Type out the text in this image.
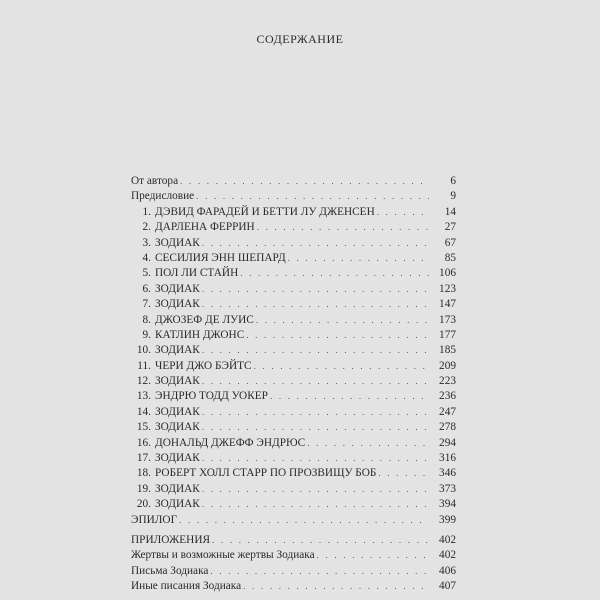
СОДЕРЖАНИЕ
От автора . . .	6
Предисловие . . .	9
1. ДЭВИД ФАРАДЕЙ И БЕТТИ ЛУ ДЖЕНСЕН . . .	14
2. ДАРЛЕНА ФЕРРИН . . .	27
3. ЗОДИАК . . .	67
4. СЕСИЛИЯ ЭНН ШЕПАРД . . .	85
5. ПОЛ ЛИ СТАЙН . . .	106
6. ЗОДИАК . . .	123
7. ЗОДИАК . . .	147
8. ДЖОЗЕФ ДЕ ЛУИС . . .	173
9. КАТЛИН ДЖОНС . . .	177
10. ЗОДИАК . . .	185
11. ЧЕРИ ДЖО БЭЙТС . . .	209
12. ЗОДИАК . . .	223
13. ЭНДРЮ ТОДД УОКЕР . . .	236
14. ЗОДИАК . . .	247
15. ЗОДИАК . . .	278
16. ДОНАЛЬД ДЖЕФФ ЭНДРЮС . . .	294
17. ЗОДИАК . . .	316
18. РОБЕРТ ХОЛЛ СТАРР ПО ПРОЗВИЩУ БОБ . . .	346
19. ЗОДИАК . . .	373
20. ЗОДИАК . . .	394
ЭПИЛОГ . . .	399
ПРИЛОЖЕНИЯ . . .	402
Жертвы и возможные жертвы Зодиака . . .	402
Письма Зодиака . . .	406
Иные писания Зодиака . . .	407
